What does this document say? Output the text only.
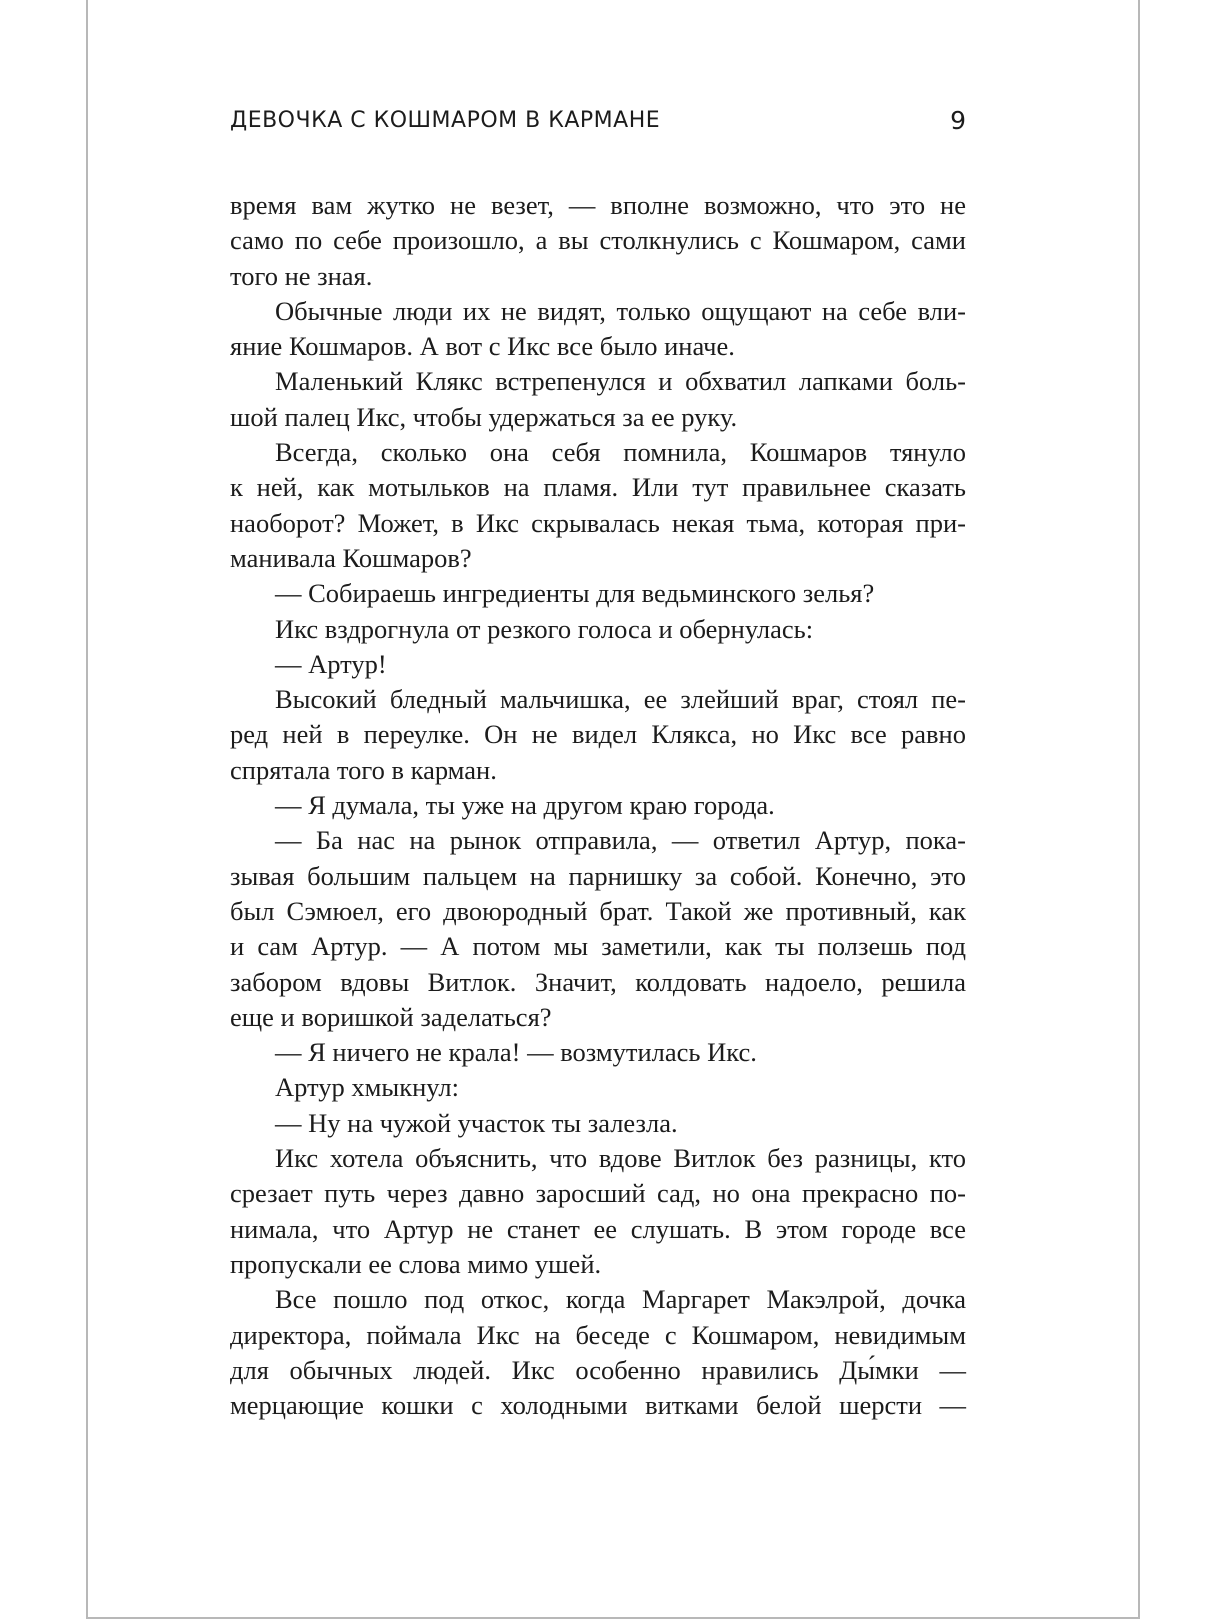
ДЕВОЧКА С КОШМАРОМ В КАРМАНЕ	9
время вам жутко не везет, — вполне возможно, что это не
само по себе произошло, а вы столкнулись с Кошмаром, сами
того не зная.
Обычные люди их не видят, только ощущают на себе вли-
яние Кошмаров. А вот с Икс все было иначе.
Маленький Клякс встрепенулся и обхватил лапками боль-
шой палец Икс, чтобы удержаться за ее руку.
Всегда, сколько она себя помнила, Кошмаров тянуло
к ней, как мотыльков на пламя. Или тут правильнее сказать
наоборот? Может, в Икс скрывалась некая тьма, которая при-
манивала Кошмаров?
— Собираешь ингредиенты для ведьминского зелья?
Икс вздрогнула от резкого голоса и обернулась:
— Артур!
Высокий бледный мальчишка, ее злейший враг, стоял пе-
ред ней в переулке. Он не видел Клякса, но Икс все равно
спрятала того в карман.
— Я думала, ты уже на другом краю города.
— Ба нас на рынок отправила, — ответил Артур, пока-
зывая большим пальцем на парнишку за собой. Конечно, это
был Сэмюел, его двоюродный брат. Такой же противный, как
и сам Артур. — А потом мы заметили, как ты ползешь под
забором вдовы Витлок. Значит, колдовать надоело, решила
еще и воришкой заделаться?
— Я ничего не крала! — возмутилась Икс.
Артур хмыкнул:
— Ну на чужой участок ты залезла.
Икс хотела объяснить, что вдове Витлок без разницы, кто
срезает путь через давно заросший сад, но она прекрасно по-
нимала, что Артур не станет ее слушать. В этом городе все
пропускали ее слова мимо ушей.
Все пошло под откос, когда Маргарет Макэлрой, дочка
директора, поймала Икс на беседе с Кошмаром, невидимым
для обычных людей. Икс особенно нравились Ды́мки —
мерцающие кошки с холодными витками белой шерсти —
